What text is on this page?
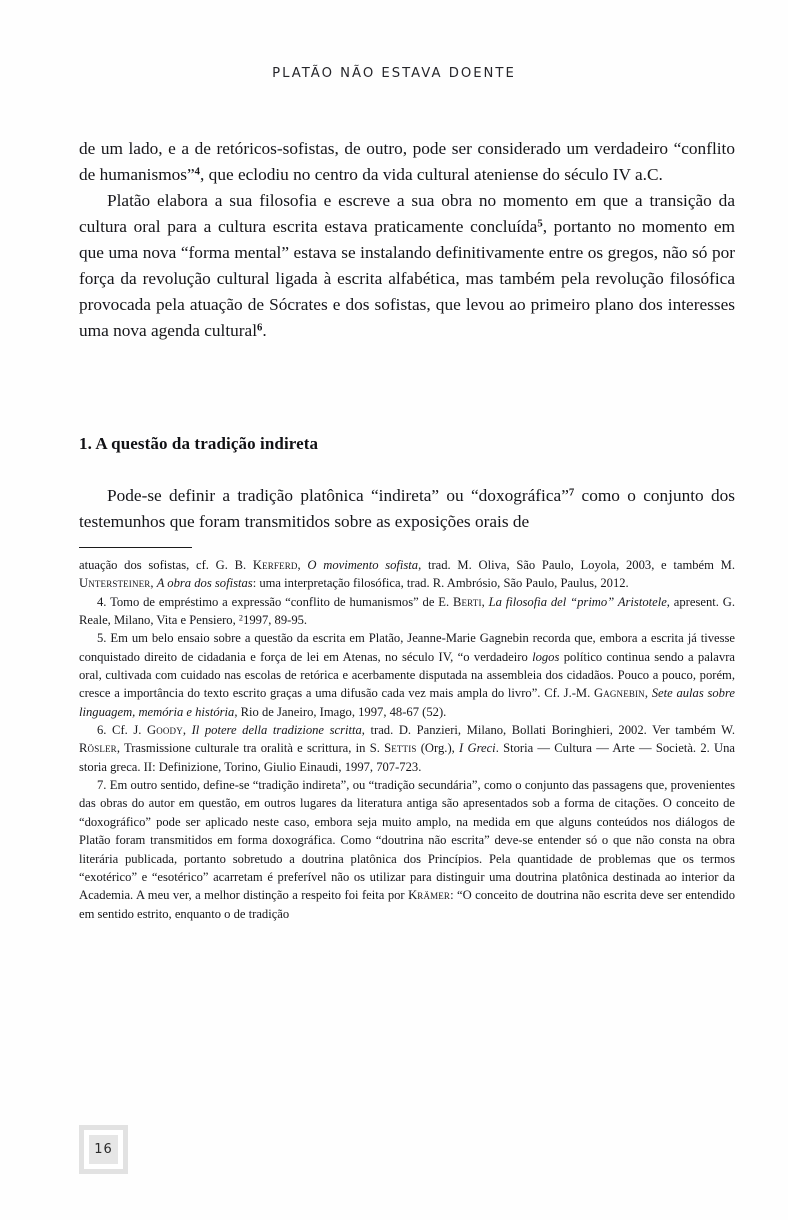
PLATÃO NÃO ESTAVA DOENTE

de um lado, e a de retóricos-sofistas, de outro, pode ser considerado um verdadeiro “conflito de humanismos”$^4$, que eclodiu no centro da vida cultural ateniense do século IV a.C.

Platão elabora a sua filosofia e escreve a sua obra no momento em que a transição da cultura oral para a cultura escrita estava praticamente concluída$^5$, portanto no momento em que uma nova “forma mental” estava se instalando definitivamente entre os gregos, não só por força da revolução cultural ligada à escrita alfabética, mas também pela revolução filosófica provocada pela atuação de Sócrates e dos sofistas, que levou ao primeiro plano dos interesses uma nova agenda cultural$^6$.

1. A questão da tradição indireta

Pode-se definir a tradição platônica “indireta” ou “doxográfica”$^7$ como o conjunto dos testemunhos que foram transmitidos sobre as exposições orais de

atuação dos sofistas, cf. G. B. Kerferd, O movimento sofista, trad. M. Oliva, São Paulo, Loyola, 2003, e também M. Untersteiner, A obra dos sofistas: uma interpretação filosófica, trad. R. Ambrósio, São Paulo, Paulus, 2012.

4. Tomo de empréstimo a expressão “conflito de humanismos” de E. Berti, La filosofia del “primo” Aristotele, apresent. G. Reale, Milano, Vita e Pensiero, $^2$1997, 89-95.

5. Em um belo ensaio sobre a questão da escrita em Platão, Jeanne-Marie Gagnebin recorda que, embora a escrita já tivesse conquistado direito de cidadania e força de lei em Atenas, no século IV, “o verdadeiro logos político continua sendo a palavra oral, cultivada com cuidado nas escolas de retórica e acerbamente disputada na assembleia dos cidadãos. Pouco a pouco, porém, cresce a importância do texto escrito graças a uma difusão cada vez mais ampla do livro”. Cf. J.-M. Gagnebin, Sete aulas sobre linguagem, memória e história, Rio de Janeiro, Imago, 1997, 48-67 (52).

6. Cf. J. Goody, Il potere della tradizione scritta, trad. D. Panzieri, Milano, Bollati Boringhieri, 2002. Ver também W. Rösler, Trasmissione culturale tra oralità e scrittura, in S. Settis (Org.), I Greci. Storia — Cultura — Arte — Società. 2. Una storia greca. II: Definizione, Torino, Giulio Einaudi, 1997, 707-723.

7. Em outro sentido, define-se “tradição indireta”, ou “tradição secundária”, como o conjunto das passagens que, provenientes das obras do autor em questão, em outros lugares da literatura antiga são apresentados sob a forma de citações. O conceito de “doxográfico” pode ser aplicado neste caso, embora seja muito amplo, na medida em que alguns conteúdos nos diálogos de Platão foram transmitidos em forma doxográfica. Como “doutrina não escrita” deve-se entender só o que não consta na obra literária publicada, portanto sobretudo a doutrina platônica dos Princípios. Pela quantidade de problemas que os termos “exotérico” e “esotérico” acarretam é preferível não os utilizar para distinguir uma doutrina platônica destinada ao interior da Academia. A meu ver, a melhor distinção a respeito foi feita por Krämer: “O conceito de doutrina não escrita deve ser entendido em sentido estrito, enquanto o de tradição

16
